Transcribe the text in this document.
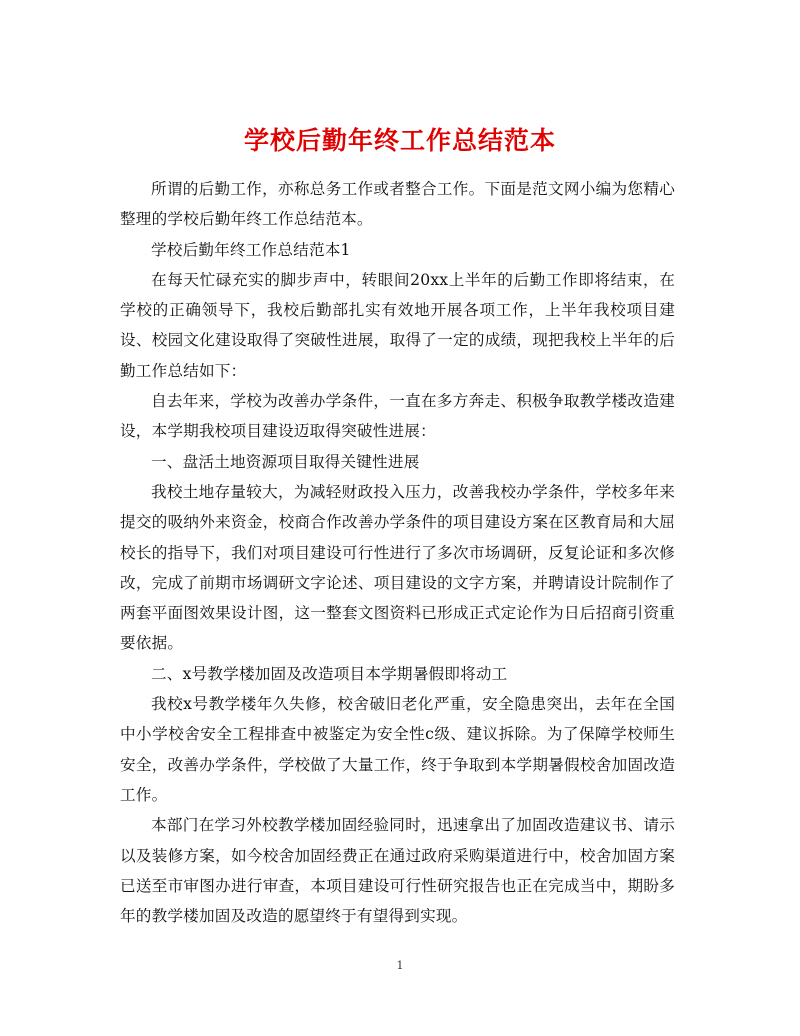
学校后勤年终工作总结范本

所谓的后勤工作，亦称总务工作或者整合工作。下面是范文网小编为您精心整理的学校后勤年终工作总结范本。

学校后勤年终工作总结范本1

在每天忙碌充实的脚步声中，转眼间20xx上半年的后勤工作即将结束，在学校的正确领导下，我校后勤部扎实有效地开展各项工作，上半年我校项目建设、校园文化建设取得了突破性进展，取得了一定的成绩，现把我校上半年的后勤工作总结如下：

自去年来，学校为改善办学条件，一直在多方奔走、积极争取教学楼改造建设，本学期我校项目建设迈取得突破性进展：

一、盘活土地资源项目取得关键性进展

我校土地存量较大，为减轻财政投入压力，改善我校办学条件，学校多年来提交的吸纳外来资金，校商合作改善办学条件的项目建设方案在区教育局和大屈校长的指导下，我们对项目建设可行性进行了多次市场调研，反复论证和多次修改，完成了前期市场调研文字论述、项目建设的文字方案，并聘请设计院制作了两套平面图效果设计图，这一整套文图资料已形成正式定论作为日后招商引资重要依据。

二、x号教学楼加固及改造项目本学期暑假即将动工

我校x号教学楼年久失修，校舍破旧老化严重，安全隐患突出，去年在全国中小学校舍安全工程排查中被鉴定为安全性c级、建议拆除。为了保障学校师生安全，改善办学条件，学校做了大量工作，终于争取到本学期暑假校舍加固改造工作。

本部门在学习外校教学楼加固经验同时，迅速拿出了加固改造建议书、请示以及装修方案，如今校舍加固经费正在通过政府采购渠道进行中，校舍加固方案已送至市审图办进行审查，本项目建设可行性研究报告也正在完成当中，期盼多年的教学楼加固及改造的愿望终于有望得到实现。

1
